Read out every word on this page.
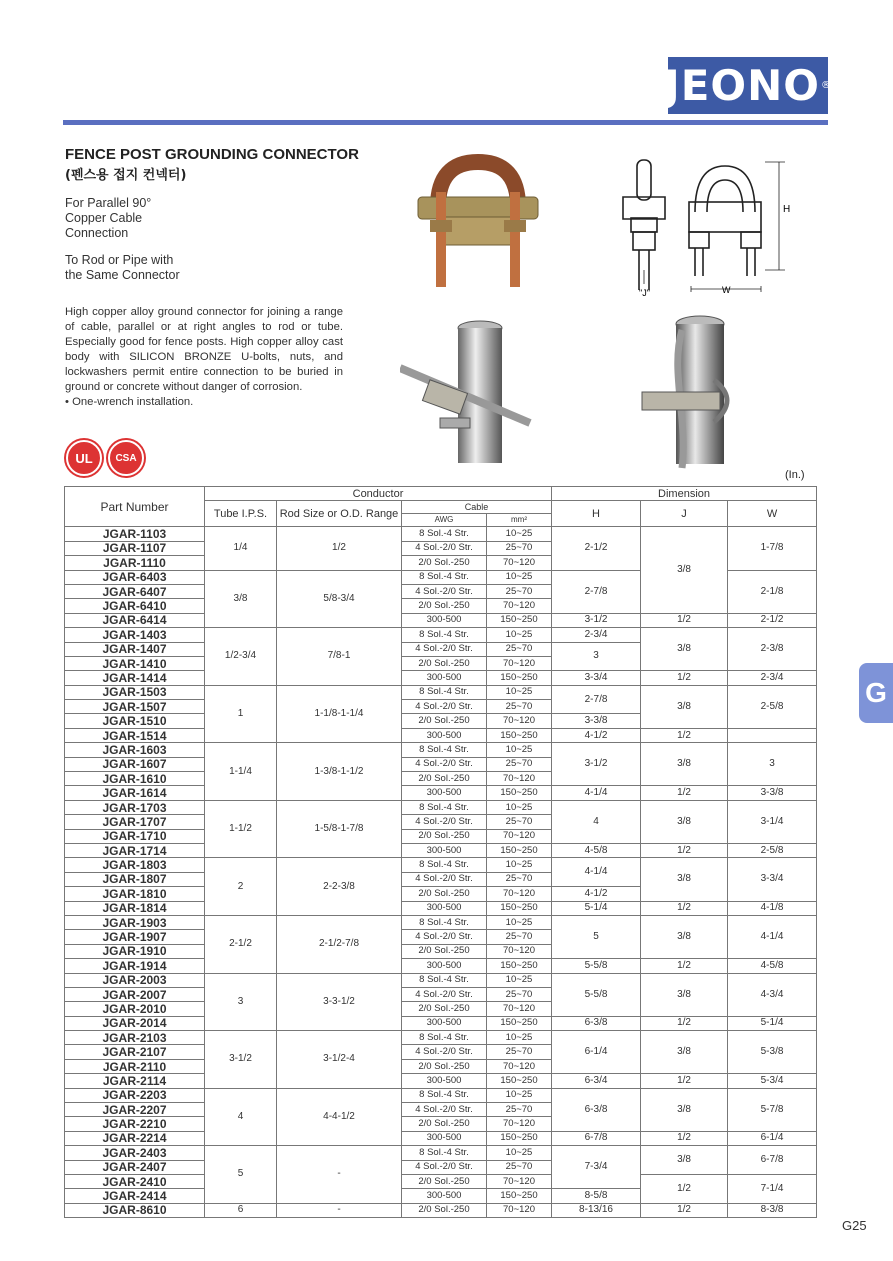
JEONO ®
FENCE POST GROUNDING CONNECTOR
(펜스용 접지 컨넥터)
For Parallel 90°
Copper Cable
Connection
To Rod or Pipe with
the Same Connector
High copper alloy ground connector for joining a range of cable, parallel or at right angles to rod or tube. Especially good for fence posts. High copper alloy cast body with SILICON BRONZE U-bolts, nuts, and lockwashers permit entire connection to be buried in ground or concrete without danger of corrosion.
• One-wrench installation.
UL CSA
H
"J"	W
(In.)
Part Number	Conductor				Dimension		
	Tube I.P.S.	Rod Size or O.D. Range	Cable		H	J	W
			AWG	mm²			
JGAR-1103	1/4	1/2	8 Sol.-4 Str.	10~25	2-1/2	3/8	1-7/8
JGAR-1107			4 Sol.-2/0 Str.	25~70			
JGAR-1110			2/0 Sol.-250	70~120			
JGAR-6403	3/8	5/8-3/4	8 Sol.-4 Str.	10~25	2-7/8		2-1/8
JGAR-6407			4 Sol.-2/0 Str.	25~70			
JGAR-6410			2/0 Sol.-250	70~120			
JGAR-6414			300-500	150~250	3-1/2	1/2	2-1/2
JGAR-1403	1/2-3/4	7/8-1	8 Sol.-4 Str.	10~25	2-3/4	3/8	2-3/8
JGAR-1407			4 Sol.-2/0 Str.	25~70	3		
JGAR-1410			2/0 Sol.-250	70~120			
JGAR-1414			300-500	150~250	3-3/4	1/2	2-3/4
JGAR-1503	1	1-1/8-1-1/4	8 Sol.-4 Str.	10~25	2-7/8	3/8	2-5/8
JGAR-1507			4 Sol.-2/0 Str.	25~70			
JGAR-1510			2/0 Sol.-250	70~120	3-3/8		
JGAR-1514			300-500	150~250	4-1/2	1/2	
JGAR-1603	1-1/4	1-3/8-1-1/2	8 Sol.-4 Str.	10~25	3-1/2	3/8	3
JGAR-1607			4 Sol.-2/0 Str.	25~70			
JGAR-1610			2/0 Sol.-250	70~120			
JGAR-1614			300-500	150~250	4-1/4	1/2	3-3/8
JGAR-1703	1-1/2	1-5/8-1-7/8	8 Sol.-4 Str.	10~25	4	3/8	3-1/4
JGAR-1707			4 Sol.-2/0 Str.	25~70			
JGAR-1710			2/0 Sol.-250	70~120			
JGAR-1714			300-500	150~250	4-5/8	1/2	2-5/8
JGAR-1803	2	2-2-3/8	8 Sol.-4 Str.	10~25	4-1/4	3/8	3-3/4
JGAR-1807			4 Sol.-2/0 Str.	25~70			
JGAR-1810			2/0 Sol.-250	70~120	4-1/2		
JGAR-1814			300-500	150~250	5-1/4	1/2	4-1/8
JGAR-1903	2-1/2	2-1/2-7/8	8 Sol.-4 Str.	10~25	5	3/8	4-1/4
JGAR-1907			4 Sol.-2/0 Str.	25~70			
JGAR-1910			2/0 Sol.-250	70~120			
JGAR-1914			300-500	150~250	5-5/8	1/2	4-5/8
JGAR-2003	3	3-3-1/2	8 Sol.-4 Str.	10~25	5-5/8	3/8	4-3/4
JGAR-2007			4 Sol.-2/0 Str.	25~70			
JGAR-2010			2/0 Sol.-250	70~120			
JGAR-2014			300-500	150~250	6-3/8	1/2	5-1/4
JGAR-2103	3-1/2	3-1/2-4	8 Sol.-4 Str.	10~25	6-1/4	3/8	5-3/8
JGAR-2107			4 Sol.-2/0 Str.	25~70			
JGAR-2110			2/0 Sol.-250	70~120			
JGAR-2114			300-500	150~250	6-3/4	1/2	5-3/4
JGAR-2203	4	4-4-1/2	8 Sol.-4 Str.	10~25	6-3/8	3/8	5-7/8
JGAR-2207			4 Sol.-2/0 Str.	25~70			
JGAR-2210			2/0 Sol.-250	70~120			
JGAR-2214			300-500	150~250	6-7/8	1/2	6-1/4
JGAR-2403	5	-	8 Sol.-4 Str.	10~25	7-3/4	3/8	6-7/8
JGAR-2407			4 Sol.-2/0 Str.	25~70			
JGAR-2410			2/0 Sol.-250	70~120		1/2	7-1/4
JGAR-2414			300-500	150~250	8-5/8		
JGAR-8610	6	-	2/0 Sol.-250	70~120	8-13/16	1/2	8-3/8
G
G25
